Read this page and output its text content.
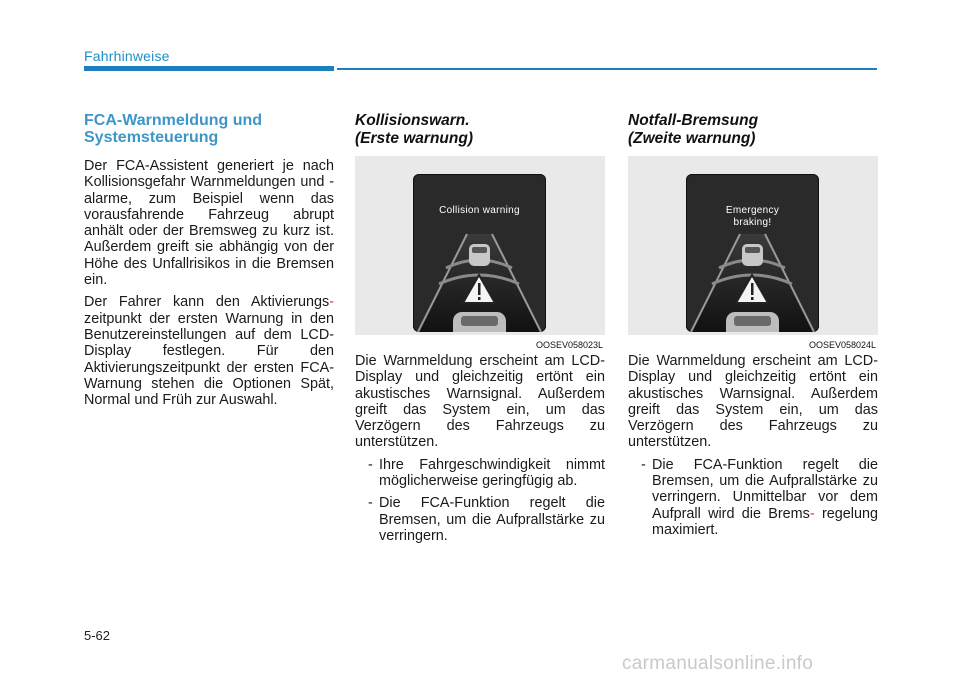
Fahrhinweise
FCA-Warnmeldung und Systemsteuerung

Der FCA-Assistent generiert je nach Kollisionsgefahr Warnmeldungen und -alarme, zum Beispiel wenn das vorausfahrende Fahrzeug abrupt anhält oder der Bremsweg zu kurz ist. Außerdem greift sie abhängig von der Höhe des Unfallrisikos in die Bremsen ein.

Der Fahrer kann den Aktivierungs- zeitpunkt der ersten Warnung in den Benutzereinstellungen auf dem LCD-Display festlegen. Für den Aktivierungszeitpunkt der ersten FCA-Warnung stehen die Optionen Spät, Normal und Früh zur Auswahl.

Kollisionswarn.
(Erste warnung)
Collision warning
OOSEV058023L

Die Warnmeldung erscheint am LCD-Display und gleichzeitig ertönt ein akustisches Warnsignal. Außerdem greift das System ein, um das Verzögern des Fahrzeugs zu unterstützen.

- Ihre Fahrgeschwindigkeit nimmt möglicherweise geringfügig ab.
- Die FCA-Funktion regelt die Bremsen, um die Aufprallstärke zu verringern.
Notfall-Bremsung
(Zweite warnung)
Emergency
braking!
OOSEV058024L

Die Warnmeldung erscheint am LCD-Display und gleichzeitig ertönt ein akustisches Warnsignal. Außerdem greift das System ein, um das Verzögern des Fahrzeugs zu unterstützen.

- Die FCA-Funktion regelt die Bremsen, um die Aufprallstärke zu verringern. Unmittelbar vor dem Aufprall wird die Brems- regelung maximiert.
5-62
carmanualsonline.info
